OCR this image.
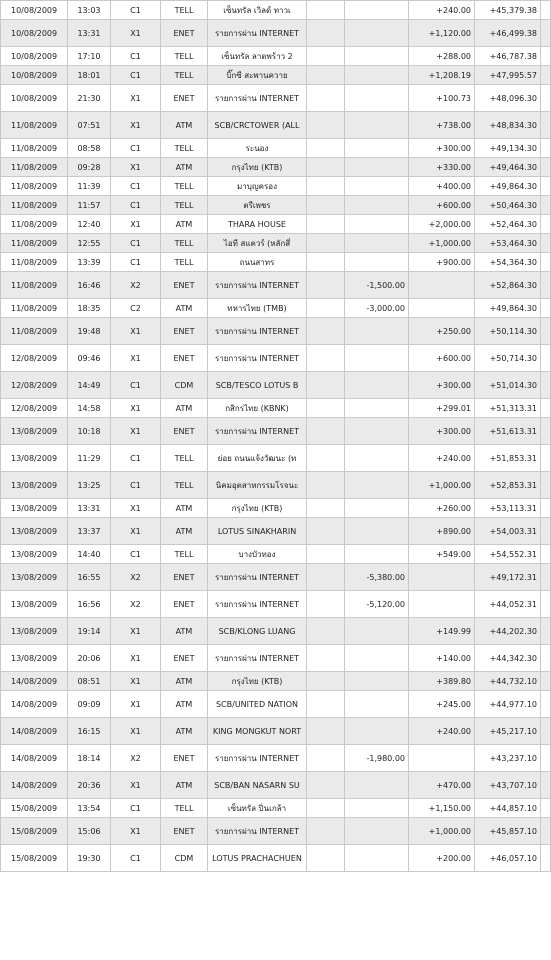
10/08/2009	13:03	C1	TELL	เซ็นทรัล เวิลด์ ทาวเ			+240.00	+45,379.38	
10/08/2009	13:31	X1	ENET	รายการผ่าน INTERNET			+1,120.00	+46,499.38	
10/08/2009	17:10	C1	TELL	เซ็นทรัล ลาดพร้าว 2			+288.00	+46,787.38	
10/08/2009	18:01	C1	TELL	บิ๊กซี สะพานควาย			+1,208.19	+47,995.57	
10/08/2009	21:30	X1	ENET	รายการผ่าน INTERNET			+100.73	+48,096.30	
11/08/2009	07:51	X1	ATM	SCB/CRCTOWER (ALL			+738.00	+48,834.30	
11/08/2009	08:58	C1	TELL	ระนอง			+300.00	+49,134.30	
11/08/2009	09:28	X1	ATM	กรุงไทย (KTB)			+330.00	+49,464.30	
11/08/2009	11:39	C1	TELL	มาบุญครอง			+400.00	+49,864.30	
11/08/2009	11:57	C1	TELL	ตรีเพชร			+600.00	+50,464.30	
11/08/2009	12:40	X1	ATM	THARA HOUSE			+2,000.00	+52,464.30	
11/08/2009	12:55	C1	TELL	ไอที สแควร์ (หลักสี่			+1,000.00	+53,464.30	
11/08/2009	13:39	C1	TELL	ถนนสาทร			+900.00	+54,364.30	
11/08/2009	16:46	X2	ENET	รายการผ่าน INTERNET		-1,500.00		+52,864.30	
11/08/2009	18:35	C2	ATM	ทหารไทย (TMB)		-3,000.00		+49,864.30	
11/08/2009	19:48	X1	ENET	รายการผ่าน INTERNET			+250.00	+50,114.30	
12/08/2009	09:46	X1	ENET	รายการผ่าน INTERNET			+600.00	+50,714.30	
12/08/2009	14:49	C1	CDM	SCB/TESCO LOTUS B			+300.00	+51,014.30	
12/08/2009	14:58	X1	ATM	กสิกรไทย (KBNK)			+299.01	+51,313.31	
13/08/2009	10:18	X1	ENET	รายการผ่าน INTERNET			+300.00	+51,613.31	
13/08/2009	11:29	C1	TELL	ย่อย ถนนแจ้งวัฒนะ (ท			+240.00	+51,853.31	
13/08/2009	13:25	C1	TELL	นิคมอุตสาหกรรมโรจนะ			+1,000.00	+52,853.31	
13/08/2009	13:31	X1	ATM	กรุงไทย (KTB)			+260.00	+53,113.31	
13/08/2009	13:37	X1	ATM	LOTUS SINAKHARIN			+890.00	+54,003.31	
13/08/2009	14:40	C1	TELL	บางบัวทอง			+549.00	+54,552.31	
13/08/2009	16:55	X2	ENET	รายการผ่าน INTERNET		-5,380.00		+49,172.31	
13/08/2009	16:56	X2	ENET	รายการผ่าน INTERNET		-5,120.00		+44,052.31	
13/08/2009	19:14	X1	ATM	SCB/KLONG LUANG			+149.99	+44,202.30	
13/08/2009	20:06	X1	ENET	รายการผ่าน INTERNET			+140.00	+44,342.30	
14/08/2009	08:51	X1	ATM	กรุงไทย (KTB)			+389.80	+44,732.10	
14/08/2009	09:09	X1	ATM	SCB/UNITED NATION			+245.00	+44,977.10	
14/08/2009	16:15	X1	ATM	KING MONGKUT NORT			+240.00	+45,217.10	
14/08/2009	18:14	X2	ENET	รายการผ่าน INTERNET		-1,980.00		+43,237.10	
14/08/2009	20:36	X1	ATM	SCB/BAN NASARN SU			+470.00	+43,707.10	
15/08/2009	13:54	C1	TELL	เซ็นทรัล ปิ่นเกล้า			+1,150.00	+44,857.10	
15/08/2009	15:06	X1	ENET	รายการผ่าน INTERNET			+1,000.00	+45,857.10	
15/08/2009	19:30	C1	CDM	LOTUS PRACHACHUEN			+200.00	+46,057.10	
